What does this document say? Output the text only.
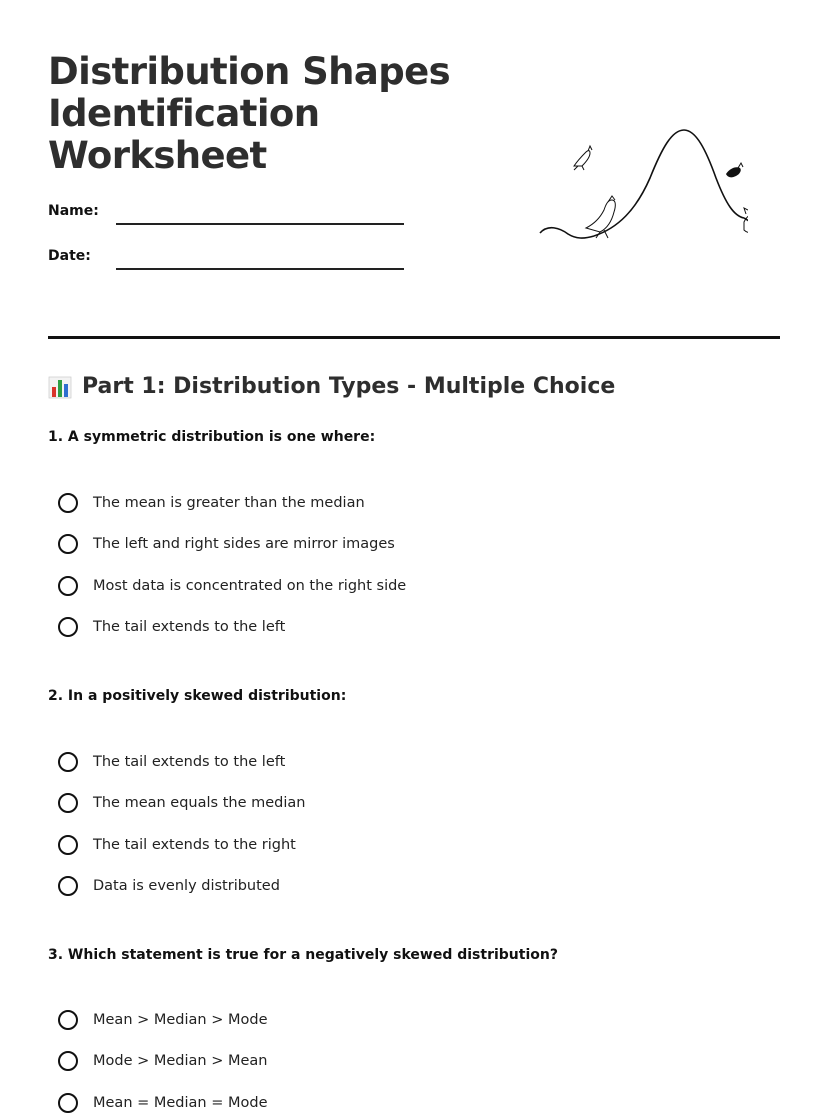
Distribution Shapes Identification Worksheet
Name:
Date:
Part 1: Distribution Types - Multiple Choice
1. A symmetric distribution is one where:
The mean is greater than the median
The left and right sides are mirror images
Most data is concentrated on the right side
The tail extends to the left
2. In a positively skewed distribution:
The tail extends to the left
The mean equals the median
The tail extends to the right
Data is evenly distributed
3. Which statement is true for a negatively skewed distribution?
Mean > Median > Mode
Mode > Median > Mean
Mean = Median = Mode
